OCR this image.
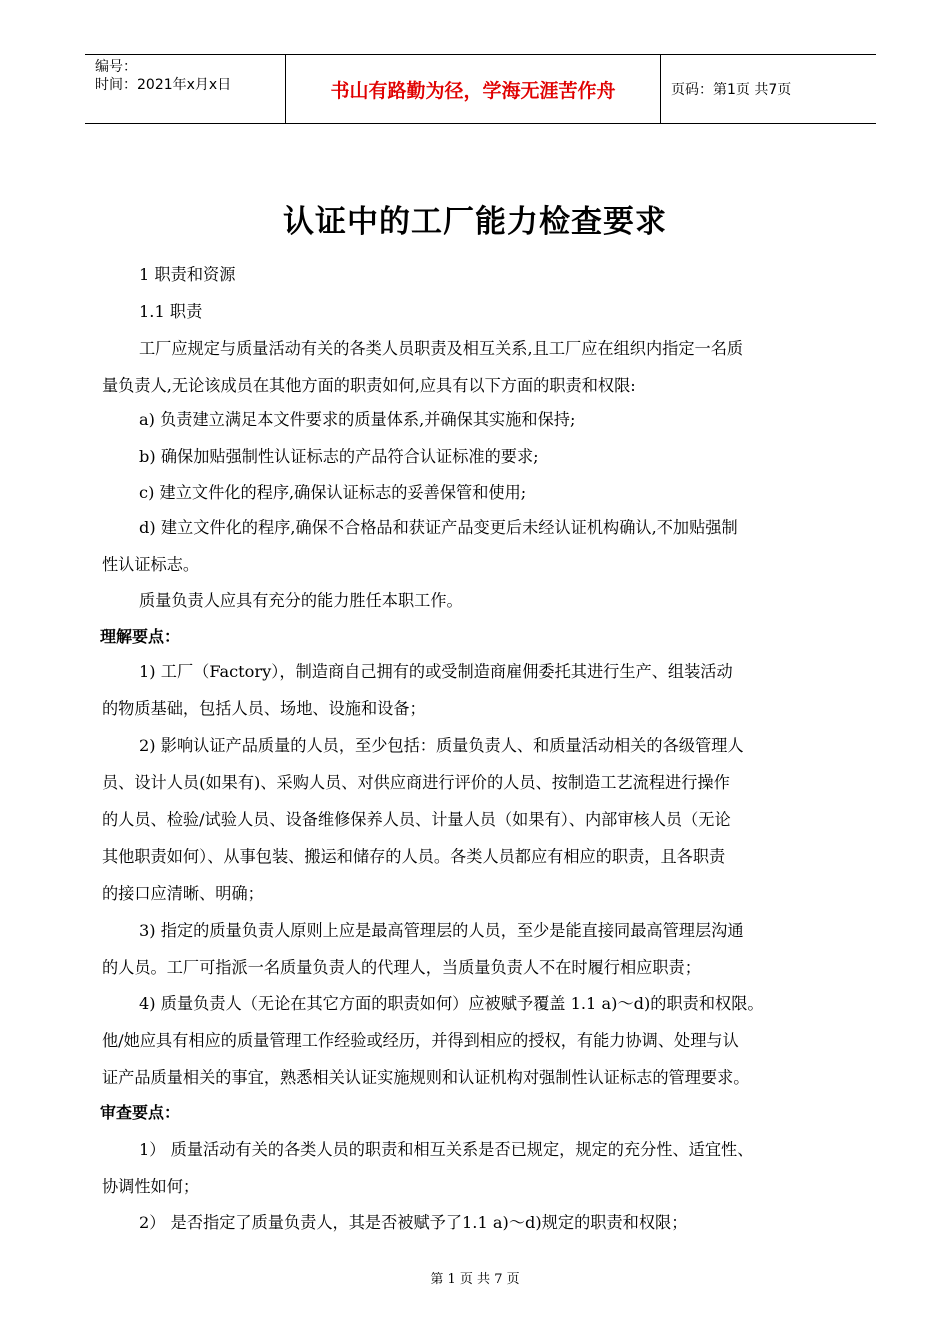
编号：
时间：2021年x月x日	书山有路勤为径，学海无涯苦作舟	页码：第1页 共7页
认证中的工厂能力检查要求
1 职责和资源
1.1 职责
工厂应规定与质量活动有关的各类人员职责及相互关系,且工厂应在组织内指定一名质
量负责人,无论该成员在其他方面的职责如何,应具有以下方面的职责和权限:
a) 负责建立满足本文件要求的质量体系,并确保其实施和保持;
b) 确保加贴强制性认证标志的产品符合认证标准的要求;
c) 建立文件化的程序,确保认证标志的妥善保管和使用;
d) 建立文件化的程序,确保不合格品和获证产品变更后未经认证机构确认,不加贴强制
性认证标志。
质量负责人应具有充分的能力胜任本职工作。
理解要点：
1) 工厂（Factory），制造商自己拥有的或受制造商雇佣委托其进行生产、组装活动
的物质基础，包括人员、场地、设施和设备；
2) 影响认证产品质量的人员，至少包括：质量负责人、和质量活动相关的各级管理人
员、设计人员(如果有)、采购人员、对供应商进行评价的人员、按制造工艺流程进行操作
的人员、检验/试验人员、设备维修保养人员、计量人员（如果有）、内部审核人员（无论
其他职责如何）、从事包装、搬运和储存的人员。各类人员都应有相应的职责，且各职责
的接口应清晰、明确；
3) 指定的质量负责人原则上应是最高管理层的人员，至少是能直接同最高管理层沟通
的人员。工厂可指派一名质量负责人的代理人，当质量负责人不在时履行相应职责；
4) 质量负责人（无论在其它方面的职责如何）应被赋予覆盖 1.1 a)～d)的职责和权限。
他/她应具有相应的质量管理工作经验或经历，并得到相应的授权，有能力协调、处理与认
证产品质量相关的事宜，熟悉相关认证实施规则和认证机构对强制性认证标志的管理要求。
审查要点：
1） 质量活动有关的各类人员的职责和相互关系是否已规定，规定的充分性、适宜性、
协调性如何；
2） 是否指定了质量负责人，其是否被赋予了1.1 a)～d)规定的职责和权限；
第 1 页 共 7 页
